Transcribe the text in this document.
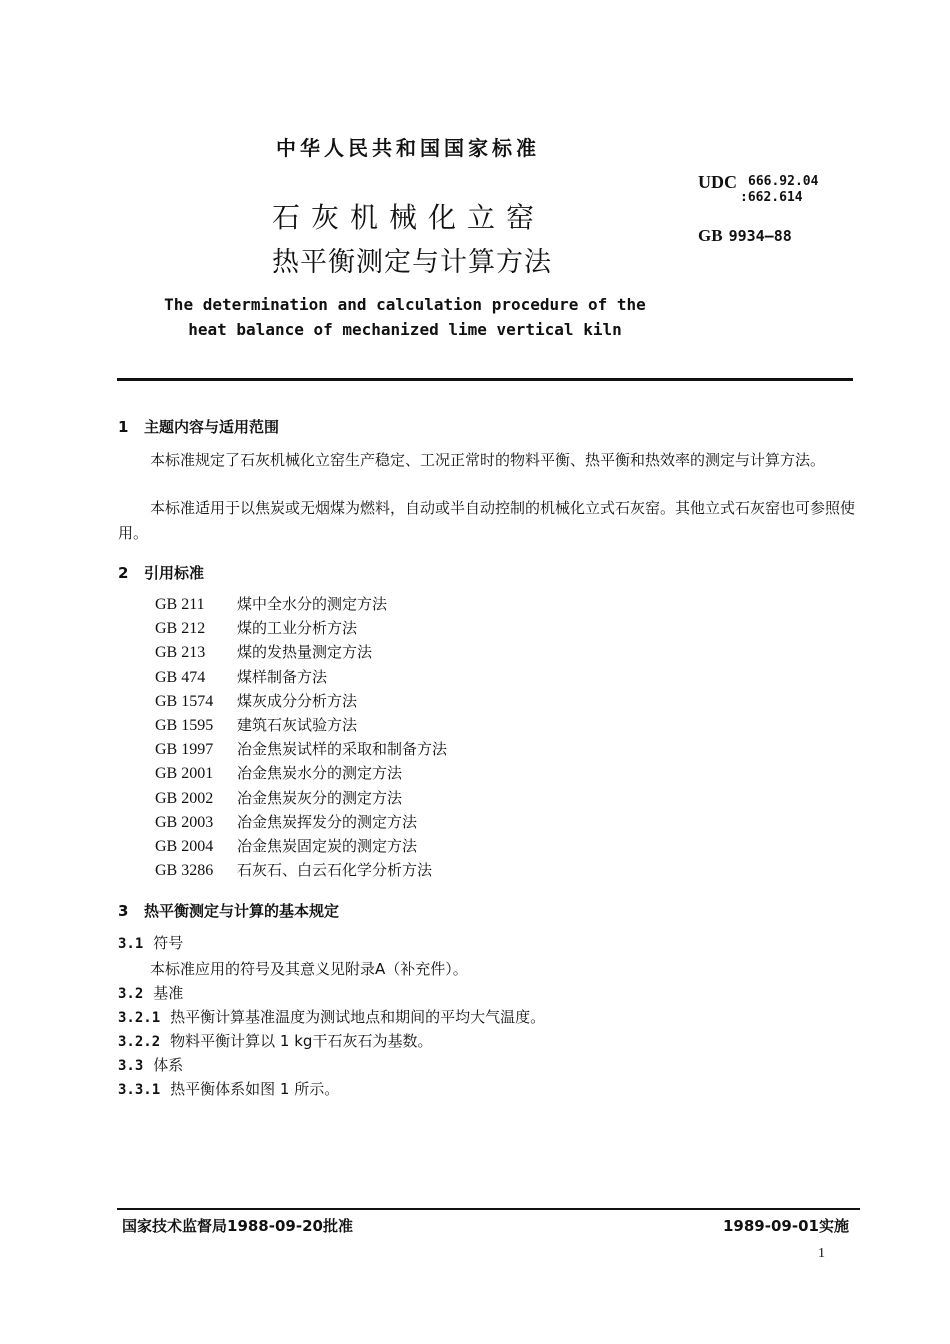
中华人民共和国国家标准
石灰机械化立窑
热平衡测定与计算方法
UDC 666.92.04
:662.614
GB 9934—88
The determination and calculation procedure of the
heat balance of mechanized lime vertical kiln
1 主题内容与适用范围
本标准规定了石灰机械化立窑生产稳定、工况正常时的物料平衡、热平衡和热效率的测定与计算方法。
本标准适用于以焦炭或无烟煤为燃料，自动或半自动控制的机械化立式石灰窑。其他立式石灰窑也可参照使用。
2 引用标准
GB 211 煤中全水分的测定方法
GB 212 煤的工业分析方法
GB 213 煤的发热量测定方法
GB 474 煤样制备方法
GB 1574 煤灰成分分析方法
GB 1595 建筑石灰试验方法
GB 1997 冶金焦炭试样的采取和制备方法
GB 2001 冶金焦炭水分的测定方法
GB 2002 冶金焦炭灰分的测定方法
GB 2003 冶金焦炭挥发分的测定方法
GB 2004 冶金焦炭固定炭的测定方法
GB 3286 石灰石、白云石化学分析方法
3 热平衡测定与计算的基本规定
3.1 符号
本标准应用的符号及其意义见附录A（补充件）。
3.2 基准
3.2.1 热平衡计算基准温度为测试地点和期间的平均大气温度。
3.2.2 物料平衡计算以 1 kg干石灰石为基数。
3.3 体系
3.3.1 热平衡体系如图 1 所示。
国家技术监督局1988-09-20批准	1989-09-01实施
1
